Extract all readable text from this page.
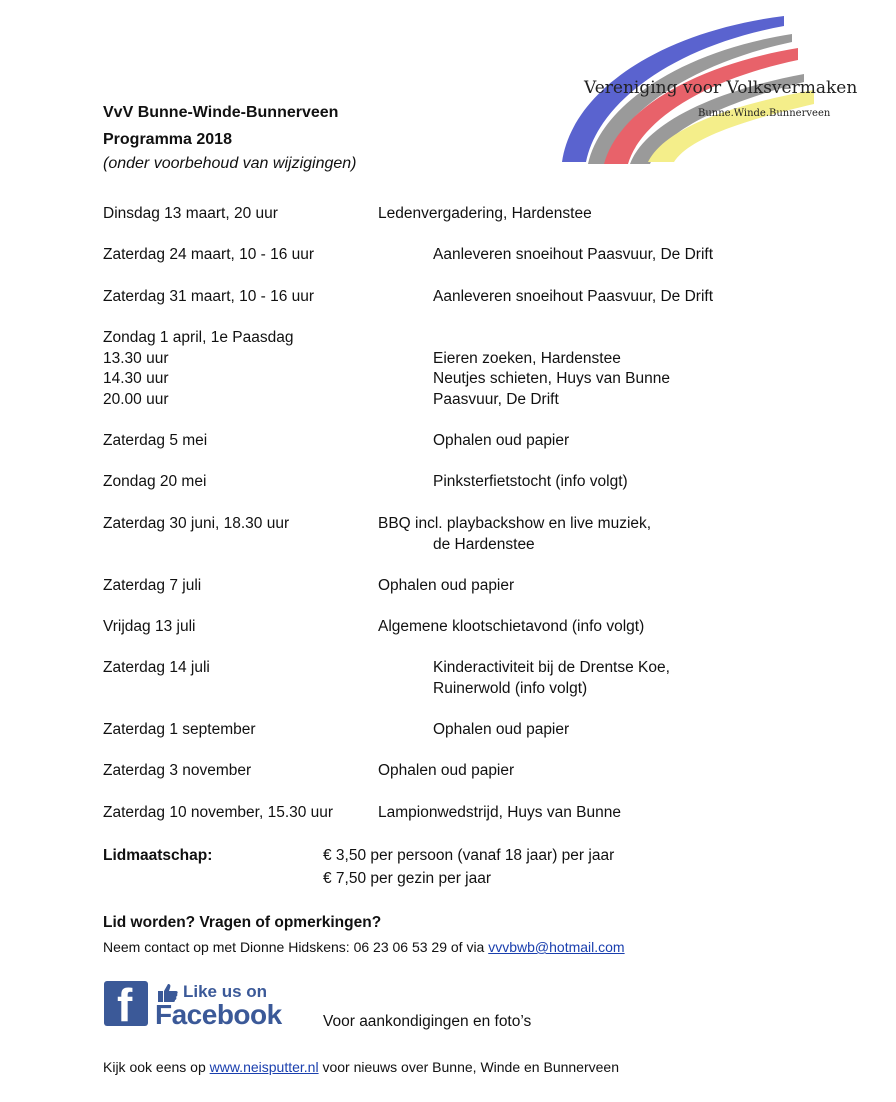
Vereniging voor Volksvermaken
Bunne.Winde.Bunnerveen
VvV Bunne-Winde-Bunnerveen
Programma 2018
(onder voorbehoud van wijzigingen)
Dinsdag 13 maart, 20 uur	Ledenvergadering, Hardenstee
Zaterdag 24 maart, 10 - 16 uur	Aanleveren snoeihout Paasvuur, De Drift
Zaterdag 31 maart, 10 - 16 uur	Aanleveren snoeihout Paasvuur, De Drift
Zondag 1 april, 1e Paasdag
13.30 uur	Eieren zoeken, Hardenstee
14.30 uur	Neutjes schieten, Huys van Bunne
20.00 uur	Paasvuur, De Drift
Zaterdag 5 mei	Ophalen oud papier
Zondag 20 mei	Pinksterfietstocht (info volgt)
Zaterdag 30 juni, 18.30 uur	BBQ incl. playbackshow en live muziek,
de Hardenstee
Zaterdag 7 juli	Ophalen oud papier
Vrijdag 13 juli	Algemene klootschietavond (info volgt)
Zaterdag 14 juli	Kinderactiviteit bij de Drentse Koe,
Ruinerwold (info volgt)
Zaterdag 1 september	Ophalen oud papier
Zaterdag 3 november	Ophalen oud papier
Zaterdag 10 november, 15.30 uur	Lampionwedstrijd, Huys van Bunne
Lidmaatschap:	€ 3,50 per persoon (vanaf 18 jaar) per jaar
€ 7,50 per gezin per jaar
Lid worden? Vragen of opmerkingen?
Neem contact op met Dionne Hidskens: 06 23 06 53 29 of via vvvbwb@hotmail.com
f	Like us on
Facebook	Voor aankondigingen en foto’s
Kijk ook eens op www.neisputter.nl voor nieuws over Bunne, Winde en Bunnerveen
